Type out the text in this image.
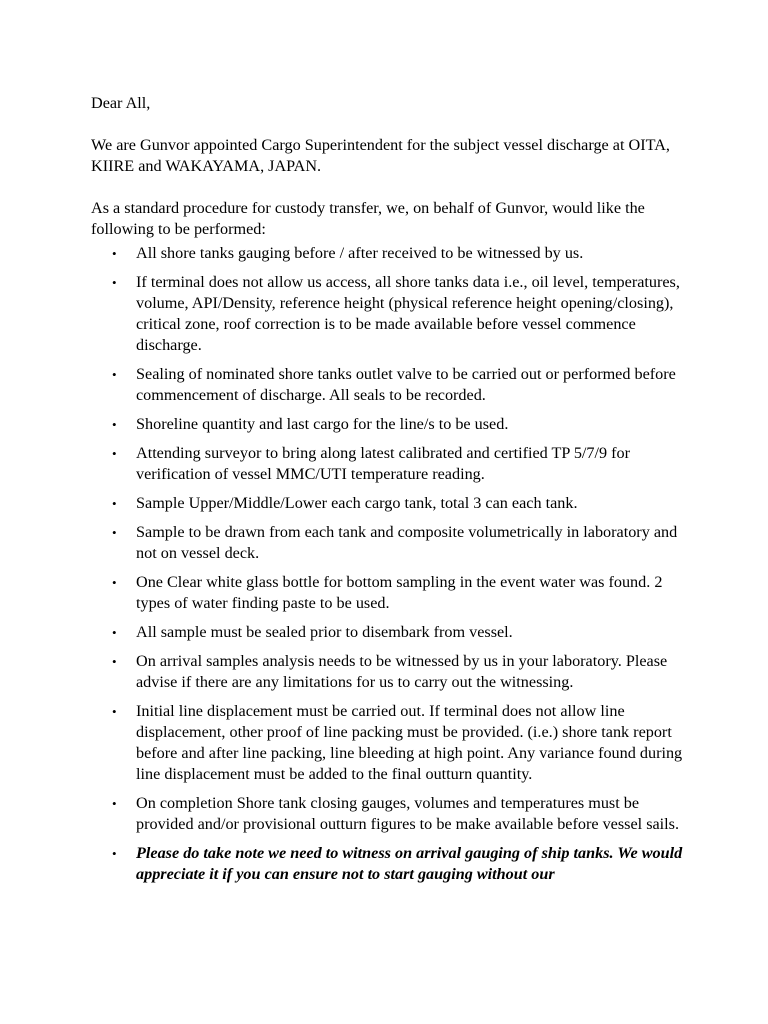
Dear All,

We are Gunvor appointed Cargo Superintendent for the subject vessel discharge at OITA, KIIRE and WAKAYAMA, JAPAN.

As a standard procedure for custody transfer, we, on behalf of Gunvor, would like the following to be performed:

• All shore tanks gauging before / after received to be witnessed by us.
• If terminal does not allow us access, all shore tanks data i.e., oil level, temperatures, volume, API/Density, reference height (physical reference height opening/closing), critical zone, roof correction is to be made available before vessel commence discharge.
• Sealing of nominated shore tanks outlet valve to be carried out or performed before commencement of discharge. All seals to be recorded.
• Shoreline quantity and last cargo for the line/s to be used.
• Attending surveyor to bring along latest calibrated and certified TP 5/7/9 for verification of vessel MMC/UTI temperature reading.
• Sample Upper/Middle/Lower each cargo tank, total 3 can each tank.
• Sample to be drawn from each tank and composite volumetrically in laboratory and not on vessel deck.
• One Clear white glass bottle for bottom sampling in the event water was found. 2 types of water finding paste to be used.
• All sample must be sealed prior to disembark from vessel.
• On arrival samples analysis needs to be witnessed by us in your laboratory. Please advise if there are any limitations for us to carry out the witnessing.
• Initial line displacement must be carried out. If terminal does not allow line displacement, other proof of line packing must be provided. (i.e.) shore tank report before and after line packing, line bleeding at high point. Any variance found during line displacement must be added to the final outturn quantity.
• On completion Shore tank closing gauges, volumes and temperatures must be provided and/or provisional outturn figures to be make available before vessel sails.
• Please do take note we need to witness on arrival gauging of ship tanks. We would appreciate it if you can ensure not to start gauging without our
